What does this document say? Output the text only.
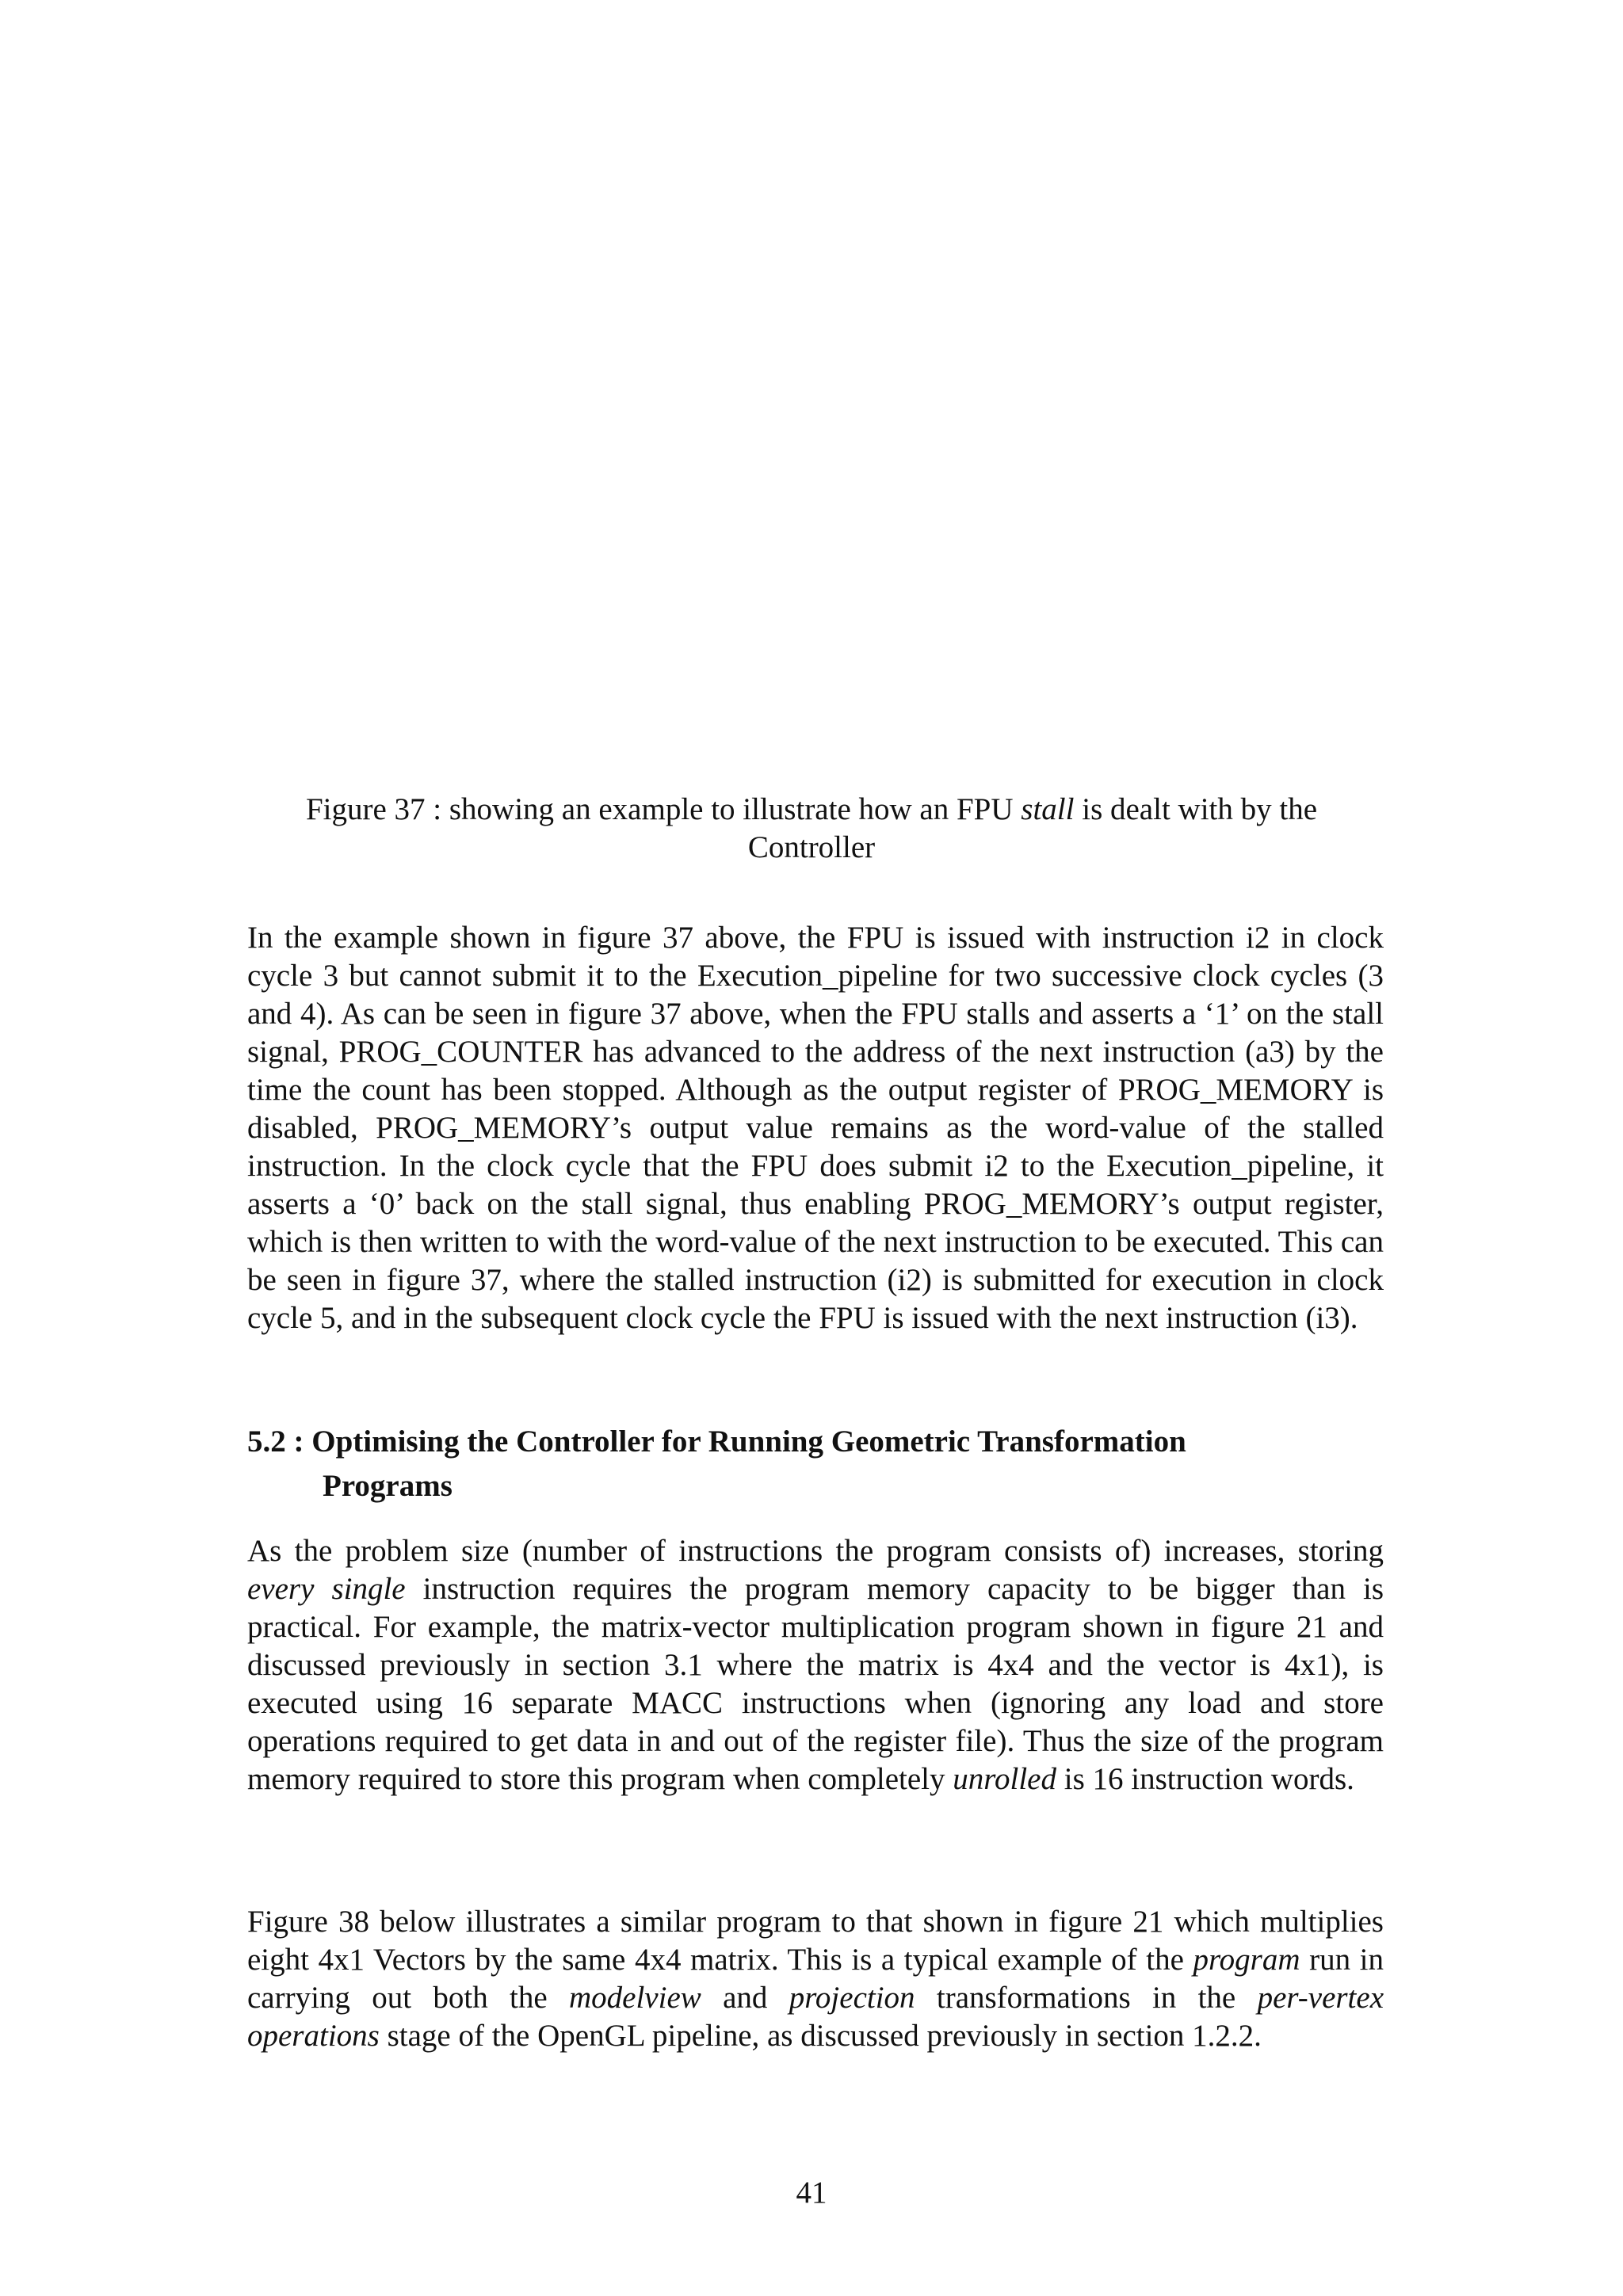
Figure 37 : showing an example to illustrate how an FPU stall is dealt with by the Controller

In the example shown in figure 37 above, the FPU is issued with instruction i2 in clock cycle 3 but cannot submit it to the Execution_pipeline for two successive clock cycles (3 and 4). As can be seen in figure 37 above, when the FPU stalls and asserts a ‘1’ on the stall signal, PROG_COUNTER has advanced to the address of the next instruction (a3) by the time the count has been stopped. Although as the output register of PROG_MEMORY is disabled, PROG_MEMORY’s output value remains as the word-value of the stalled instruction. In the clock cycle that the FPU does submit i2 to the Execution_pipeline, it asserts a ‘0’ back on the stall signal, thus enabling PROG_MEMORY’s output register, which is then written to with the word-value of the next instruction to be executed. This can be seen in figure 37, where the stalled instruction (i2) is submitted for execution in clock cycle 5, and in the subsequent clock cycle the FPU is issued with the next instruction (i3).

5.2 : Optimising the Controller for Running Geometric Transformation
Programs

As the problem size (number of instructions the program consists of) increases, storing every single instruction requires the program memory capacity to be bigger than is practical. For example, the matrix-vector multiplication program shown in figure 21 and discussed previously in section 3.1 where the matrix is 4x4 and the vector is 4x1), is executed using 16 separate MACC instructions when (ignoring any load and store operations required to get data in and out of the register file). Thus the size of the program memory required to store this program when completely unrolled is 16 instruction words.

Figure 38 below illustrates a similar program to that shown in figure 21 which multiplies eight 4x1 Vectors by the same 4x4 matrix. This is a typical example of the program run in carrying out both the modelview and projection transformations in the per-vertex operations stage of the OpenGL pipeline, as discussed previously in section 1.2.2.

41
